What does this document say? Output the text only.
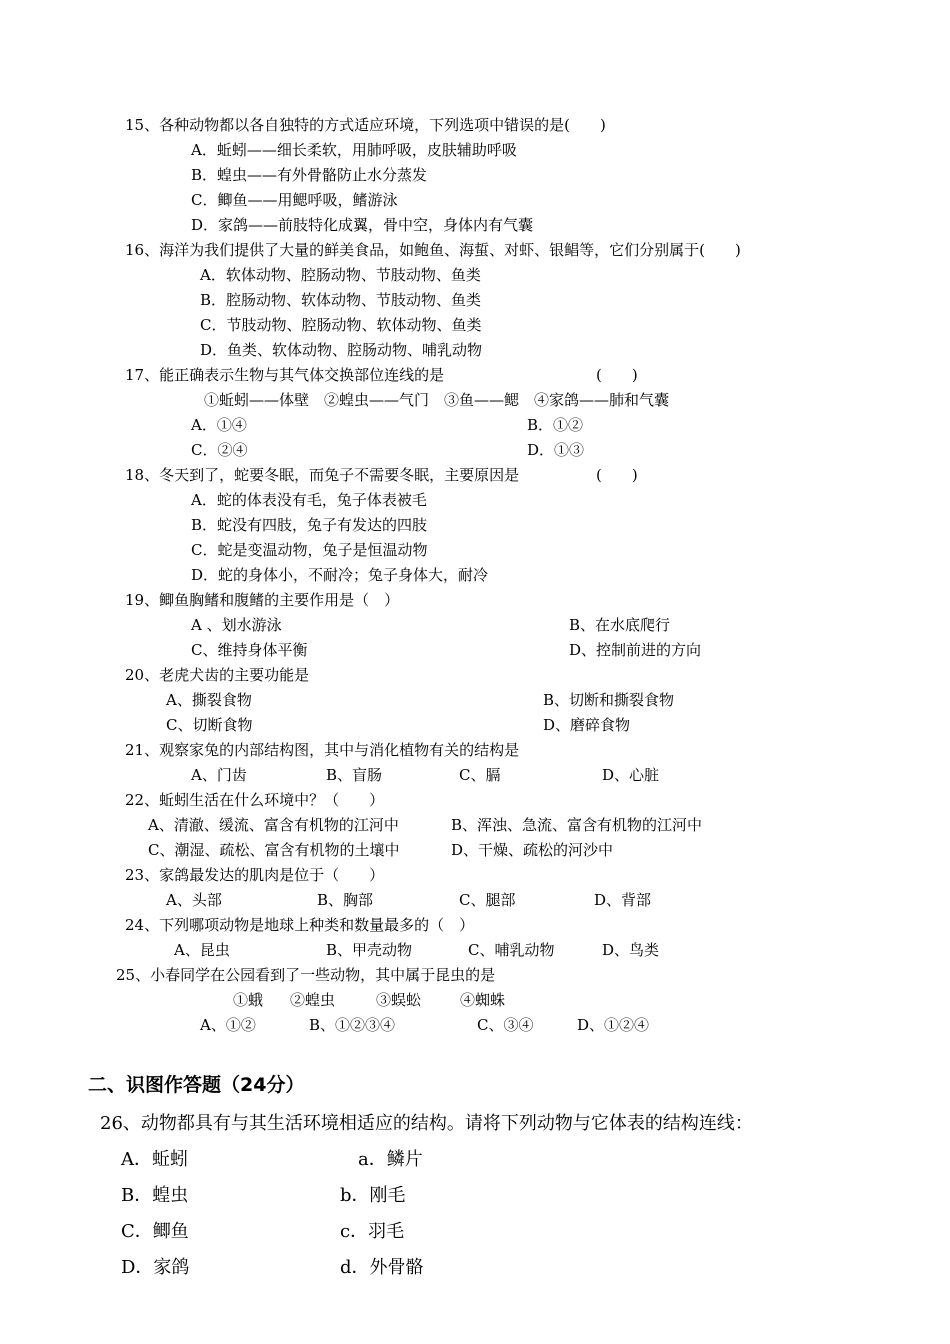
15、各种动物都以各自独特的方式适应环境，下列选项中错误的是(　　)
A．蚯蚓——细长柔软，用肺呼吸，皮肤辅助呼吸
B．蝗虫——有外骨骼防止水分蒸发
C．鲫鱼——用鳃呼吸，鳍游泳
D．家鸽——前肢特化成翼，骨中空，身体内有气囊
16、海洋为我们提供了大量的鲜美食品，如鲍鱼、海蜇、对虾、银鲳等，它们分别属于(　　)
A．软体动物、腔肠动物、节肢动物、鱼类
B．腔肠动物、软体动物、节肢动物、鱼类
C．节肢动物、腔肠动物、软体动物、鱼类
D．鱼类、软体动物、腔肠动物、哺乳动物
17、能正确表示生物与其气体交换部位连线的是	(　　)
①蚯蚓——体壁　②蝗虫——气门　③鱼——鳃　④家鸽——肺和气囊
A．①④	B．①②
C．②④	D．①③
18、冬天到了，蛇要冬眠，而兔子不需要冬眠，主要原因是	(　　)
A．蛇的体表没有毛，兔子体表被毛
B．蛇没有四肢，兔子有发达的四肢
C．蛇是变温动物，兔子是恒温动物
D．蛇的身体小，不耐冷；兔子身体大，耐冷
19、鲫鱼胸鳍和腹鳍的主要作用是（　）
A 、划水游泳	B、在水底爬行
C、维持身体平衡	D、控制前进的方向
20、老虎犬齿的主要功能是
A、撕裂食物	B、切断和撕裂食物
C、切断食物	D、磨碎食物
21、观察家兔的内部结构图，其中与消化植物有关的结构是
A、门齿	B、盲肠	C、膈	D、心脏
22、蚯蚓生活在什么环境中？（　　）
A、清澈、缓流、富含有机物的江河中	B、浑浊、急流、富含有机物的江河中
C、潮湿、疏松、富含有机物的土壤中	D、干燥、疏松的河沙中
23、家鸽最发达的肌肉是位于（　　）
A、头部	B、胸部	C、腿部	D、背部
24、下列哪项动物是地球上种类和数量最多的（　）
A、昆虫	B、甲壳动物	C、哺乳动物	D、鸟类
25、小春同学在公园看到了一些动物，其中属于昆虫的是
①蛾 ②蝗虫	③蜈蚣	④蜘蛛
A、①②	B、①②③④	C、③④	D、①②④
二、识图作答题（24分）
26、动物都具有与其生活环境相适应的结构。请将下列动物与它体表的结构连线：
A．蚯蚓	a．鳞片
B．蝗虫	b．刚毛
C．鲫鱼	c．羽毛
D．家鸽	d．外骨骼
